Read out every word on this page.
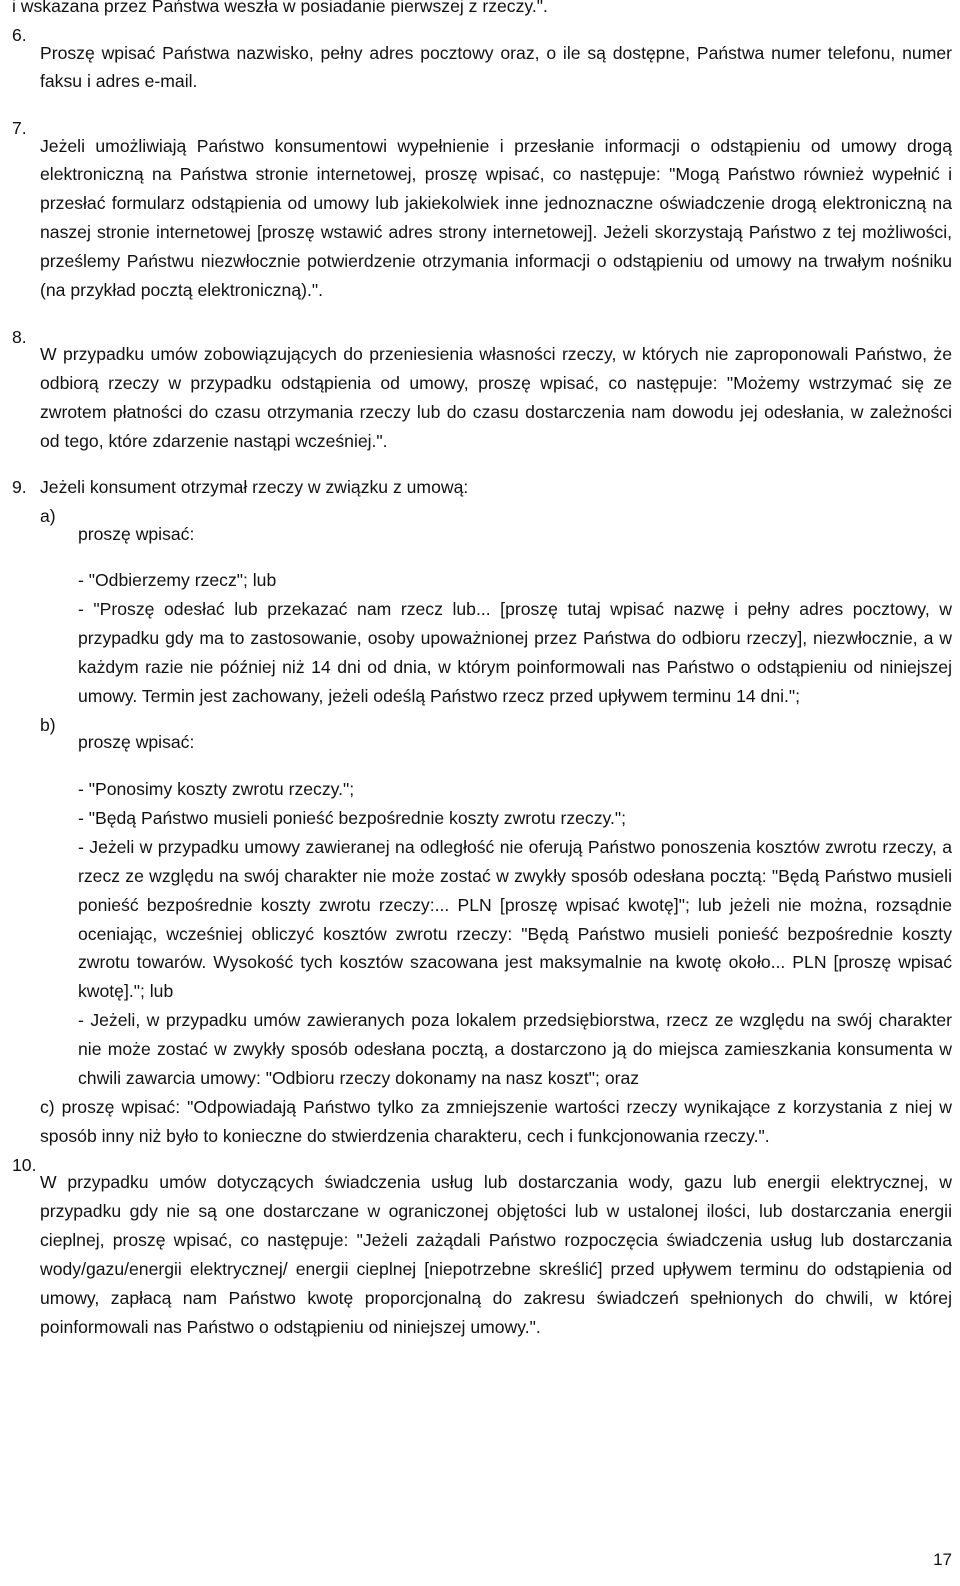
i wskazana przez Państwa weszła w posiadanie pierwszej z rzeczy.".

6.

Proszę wpisać Państwa nazwisko, pełny adres pocztowy oraz, o ile są dostępne, Państwa numer telefonu, numer faksu i adres e-mail.

7.

Jeżeli umożliwiają Państwo konsumentowi wypełnienie i przesłanie informacji o odstąpieniu od umowy drogą elektroniczną na Państwa stronie internetowej, proszę wpisać, co następuje: "Mogą Państwo również wypełnić i przesłać formularz odstąpienia od umowy lub jakiekolwiek inne jednoznaczne oświadczenie drogą elektroniczną na naszej stronie internetowej [proszę wstawić adres strony internetowej]. Jeżeli skorzystają Państwo z tej możliwości, prześlemy Państwu niezwłocznie potwierdzenie otrzymania informacji o odstąpieniu od umowy na trwałym nośniku (na przykład pocztą elektroniczną).".

8.

W przypadku umów zobowiązujących do przeniesienia własności rzeczy, w których nie zaproponowali Państwo, że odbiorą rzeczy w przypadku odstąpienia od umowy, proszę wpisać, co następuje: "Możemy wstrzymać się ze zwrotem płatności do czasu otrzymania rzeczy lub do czasu dostarczenia nam dowodu jej odesłania, w zależności od tego, które zdarzenie nastąpi wcześniej.".

9. Jeżeli konsument otrzymał rzeczy w związku z umową:

a)

proszę wpisać:

- "Odbierzemy rzecz"; lub

- "Proszę odesłać lub przekazać nam rzecz lub... [proszę tutaj wpisać nazwę i pełny adres pocztowy, w przypadku gdy ma to zastosowanie, osoby upoważnionej przez Państwa do odbioru rzeczy], niezwłocznie, a w każdym razie nie później niż 14 dni od dnia, w którym poinformowali nas Państwo o odstąpieniu od niniejszej umowy. Termin jest zachowany, jeżeli odeślą Państwo rzecz przed upływem terminu 14 dni.";

b)

proszę wpisać:

- "Ponosimy koszty zwrotu rzeczy.";

- "Będą Państwo musieli ponieść bezpośrednie koszty zwrotu rzeczy.";

- Jeżeli w przypadku umowy zawieranej na odległość nie oferują Państwo ponoszenia kosztów zwrotu rzeczy, a rzecz ze względu na swój charakter nie może zostać w zwykły sposób odesłana pocztą: "Będą Państwo musieli ponieść bezpośrednie koszty zwrotu rzeczy:... PLN [proszę wpisać kwotę]"; lub jeżeli nie można, rozsądnie oceniając, wcześniej obliczyć kosztów zwrotu rzeczy: "Będą Państwo musieli ponieść bezpośrednie koszty zwrotu towarów. Wysokość tych kosztów szacowana jest maksymalnie na kwotę około... PLN [proszę wpisać kwotę]."; lub

- Jeżeli, w przypadku umów zawieranych poza lokalem przedsiębiorstwa, rzecz ze względu na swój charakter nie może zostać w zwykły sposób odesłana pocztą, a dostarczono ją do miejsca zamieszkania konsumenta w chwili zawarcia umowy: "Odbioru rzeczy dokonamy na nasz koszt"; oraz

c) proszę wpisać: "Odpowiadają Państwo tylko za zmniejszenie wartości rzeczy wynikające z korzystania z niej w sposób inny niż było to konieczne do stwierdzenia charakteru, cech i funkcjonowania rzeczy.".

10.

W przypadku umów dotyczących świadczenia usług lub dostarczania wody, gazu lub energii elektrycznej, w przypadku gdy nie są one dostarczane w ograniczonej objętości lub w ustalonej ilości, lub dostarczania energii cieplnej, proszę wpisać, co następuje: "Jeżeli zażądali Państwo rozpoczęcia świadczenia usług lub dostarczania wody/gazu/energii elektrycznej/ energii cieplnej [niepotrzebne skreślić] przed upływem terminu do odstąpienia od umowy, zapłacą nam Państwo kwotę proporcjonalną do zakresu świadczeń spełnionych do chwili, w której poinformowali nas Państwo o odstąpieniu od niniejszej umowy.".

17
